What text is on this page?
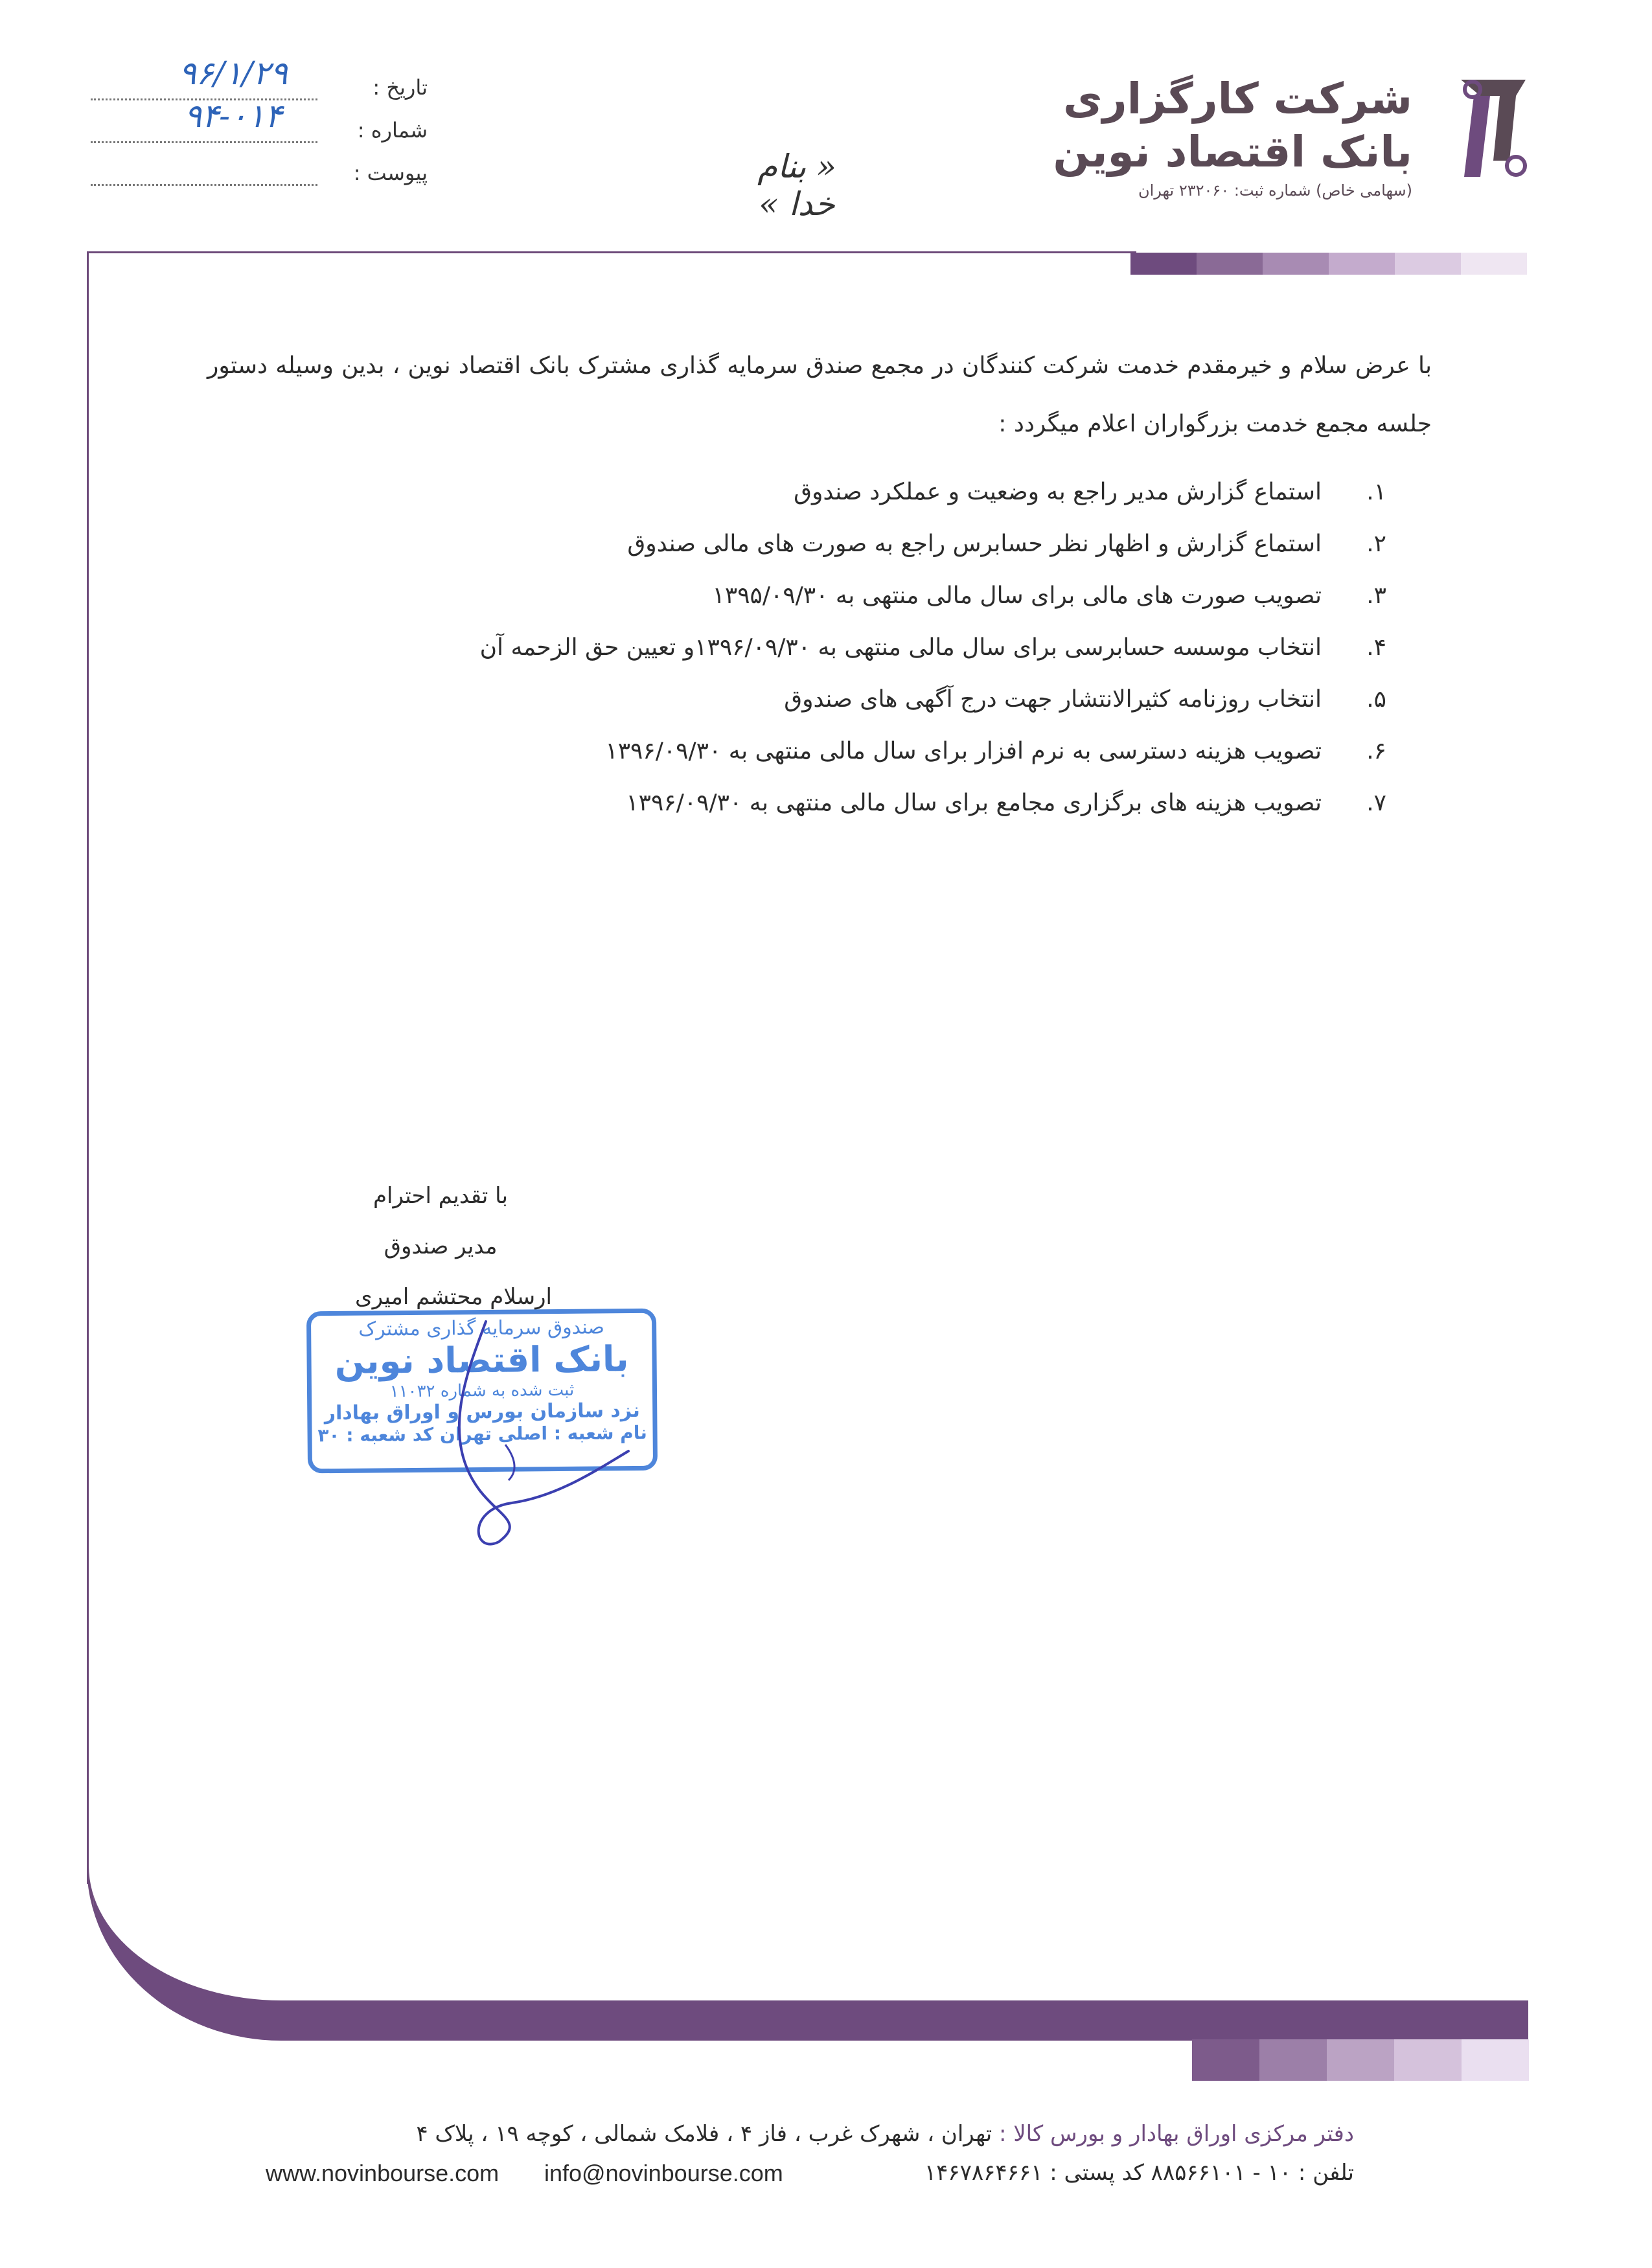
شرکت کارگزاری
بانک اقتصاد نوین
(سهامی خاص) شماره ثبت: ۲۳۲۰۶۰ تهران
« بنام خدا »
تاریخ :
۹۶/۱/۲۹
شماره :
۹۴-۰۱۴
پیوست :
با عرض سلام و خیرمقدم خدمت شرکت کنندگان در مجمع صندق سرمایه گذاری مشترک بانک اقتصاد نوین ، بدین وسیله دستور جلسه مجمع خدمت بزرگواران اعلام میگردد :
۱.
استماع گزارش مدیر راجع به وضعیت و عملکرد صندوق
۲.
استماع گزارش و اظهار نظر حسابرس راجع به صورت های مالی صندوق
۳.
تصویب صورت های مالی برای سال مالی منتهی به ۱۳۹۵/۰۹/۳۰
۴.
انتخاب موسسه حسابرسی برای سال مالی منتهی به ۱۳۹۶/۰۹/۳۰و تعیین حق الزحمه آن
۵.
انتخاب روزنامه کثیرالانتشار جهت درج آگهی های صندوق
۶.
تصویب هزینه دسترسی به نرم افزار برای سال مالی منتهی به ۱۳۹۶/۰۹/۳۰
۷.
تصویب هزینه های برگزاری مجامع برای سال مالی منتهی به ۱۳۹۶/۰۹/۳۰
با تقدیم احترام
مدیر صندوق
ارسلام محتشم امیری
صندوق سرمایه گذاری مشترک
بانک اقتصاد نوین
ثبت شده به شماره ۱۱۰۳۲
نزد سازمان بورس و اوراق بهادار
نام شعبه : اصلی تهران کد شعبه : ۳۰
دفتر مرکزی اوراق بهادار و بورس کالا : تهران ، شهرک غرب ، فاز ۴ ، فلامک شمالی ، کوچه ۱۹ ، پلاک ۴
تلفن : ۱۰ - ۸۸۵۶۶۱۰۱ کد پستی : ۱۴۶۷۸۶۴۶۶۱
info@novinbourse.com
www.novinbourse.com
